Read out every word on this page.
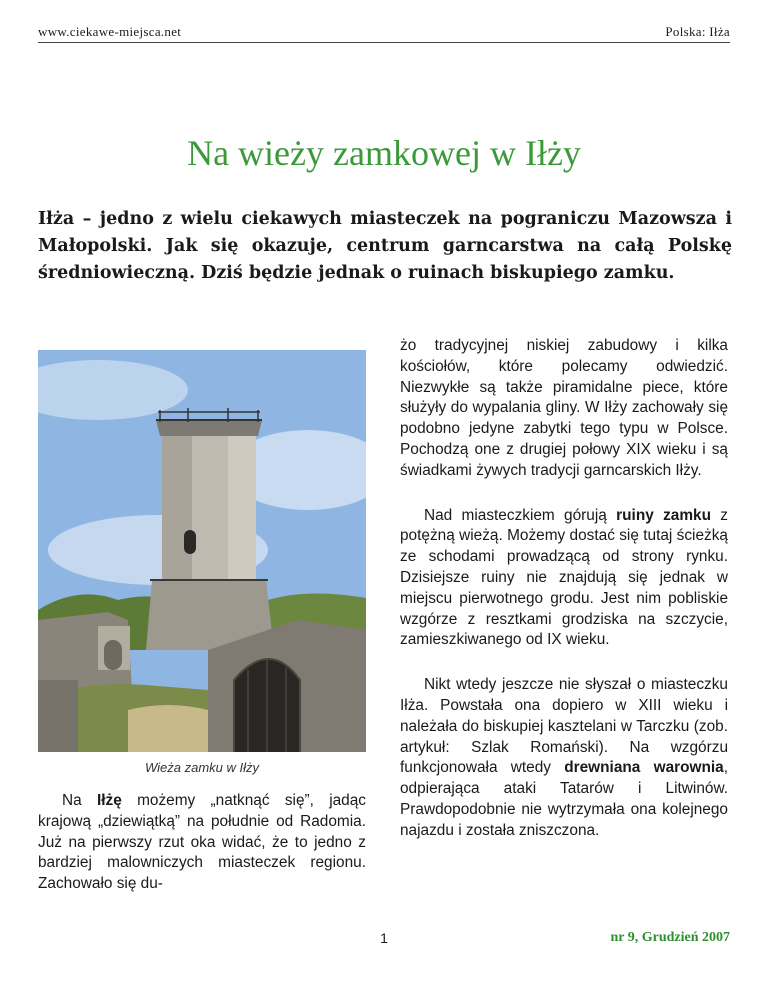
www.ciekawe-miejsca.net	Polska: Iłża
Na wieży zamkowej w Iłży

Iłża – jedno z wielu ciekawych miasteczek na pograniczu Mazowsza i Małopolski. Jak się okazuje, centrum garncarstwa na całą Polskę średniowieczną. Dziś będzie jednak o ruinach biskupiego zamku.

Wieża zamku w Iłży

Na Iłżę możemy „natknąć się”, jadąc krajową „dziewiątką” na południe od Radomia. Już na pierwszy rzut oka widać, że to jedno z bardziej malowniczych miasteczek regionu. Zachowało się du-

żo tradycyjnej niskiej zabudowy i kilka kościołów, które polecamy odwiedzić. Niezwykłe są także piramidalne piece, które służyły do wypalania gliny. W Iłży zachowały się podobno jedyne zabytki tego typu w Polsce. Pochodzą one z drugiej połowy XIX wieku i są świadkami żywych tradycji garncarskich Iłży.

Nad miasteczkiem górują ruiny zamku z potężną wieżą. Możemy dostać się tutaj ścieżką ze schodami prowadzącą od strony rynku. Dzisiejsze ruiny nie znajdują się jednak w miejscu pierwotnego grodu. Jest nim pobliskie wzgórze z resztkami grodziska na szczycie, zamieszkiwanego od IX wieku.

Nikt wtedy jeszcze nie słyszał o miasteczku Iłża. Powstała ona dopiero w XIII wieku i należała do biskupiej kasztelani w Tarczku (zob. artykuł: Szlak Romański). Na wzgórzu funkcjonowała wtedy drewniana warownia, odpierająca ataki Tatarów i Litwinów. Prawdopodobnie nie wytrzymała ona kolejnego najazdu i została zniszczona.

1	nr 9, Grudzień 2007
